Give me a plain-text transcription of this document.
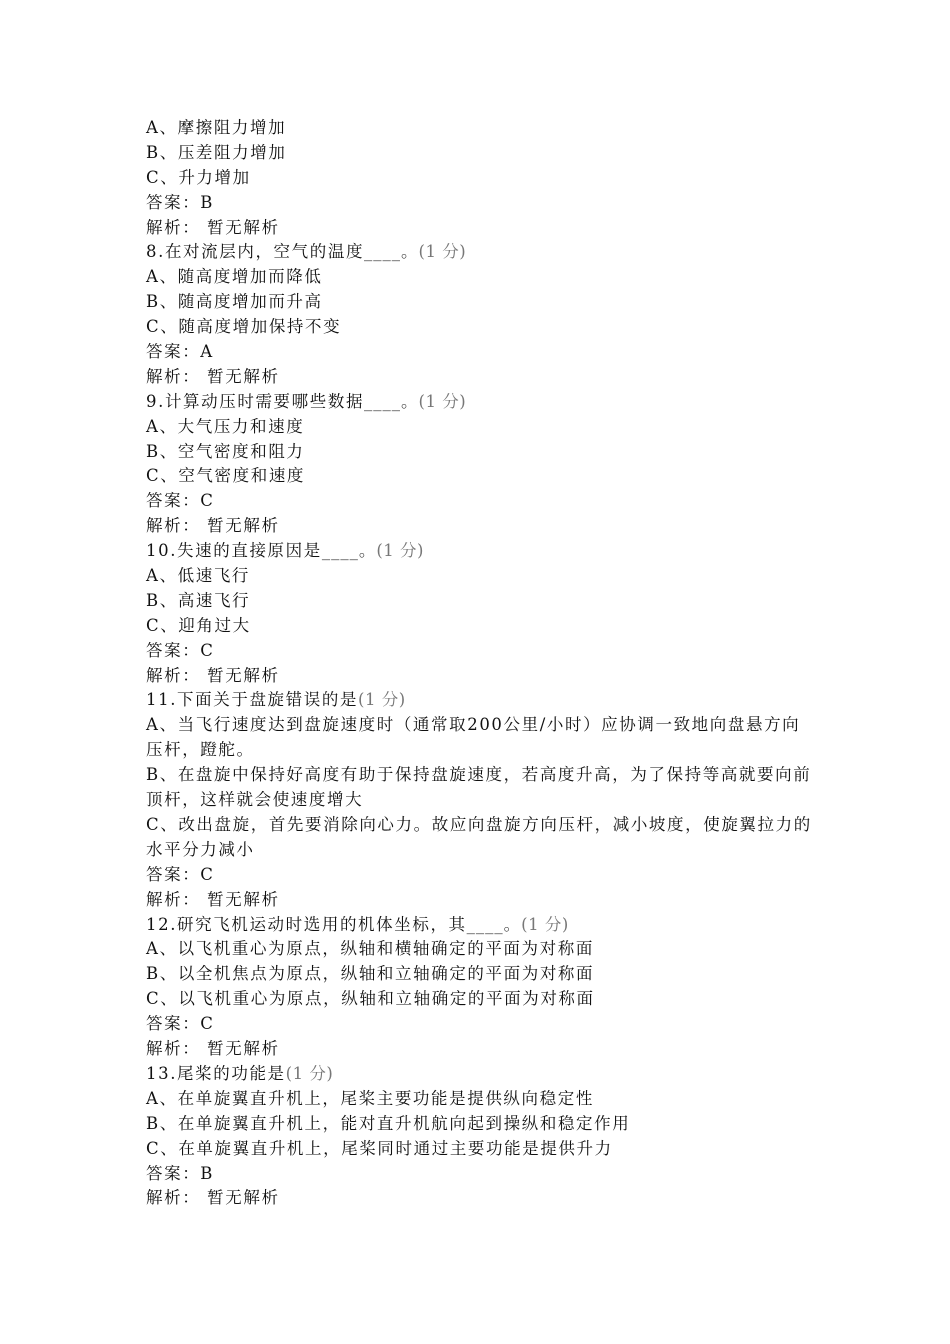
A、摩擦阻力增加
B、压差阻力增加
C、升力增加
答案：B
解析： 暂无解析
8.在对流层内，空气的温度____。(1 分)
A、随高度增加而降低
B、随高度增加而升高
C、随高度增加保持不变
答案：A
解析： 暂无解析
9.计算动压时需要哪些数据____。(1 分)
A、大气压力和速度
B、空气密度和阻力
C、空气密度和速度
答案：C
解析： 暂无解析
10.失速的直接原因是____。(1 分)
A、低速飞行
B、高速飞行
C、迎角过大
答案：C
解析： 暂无解析
11.下面关于盘旋错误的是(1 分)
A、当飞行速度达到盘旋速度时（通常取200公里/小时）应协调一致地向盘悬方向压杆，蹬舵。
B、在盘旋中保持好高度有助于保持盘旋速度，若高度升高，为了保持等高就要向前顶杆，这样就会使速度增大
C、改出盘旋，首先要消除向心力。故应向盘旋方向压杆，减小坡度，使旋翼拉力的水平分力减小
答案：C
解析： 暂无解析
12.研究飞机运动时选用的机体坐标，其____。(1 分)
A、以飞机重心为原点，纵轴和横轴确定的平面为对称面
B、以全机焦点为原点，纵轴和立轴确定的平面为对称面
C、以飞机重心为原点，纵轴和立轴确定的平面为对称面
答案：C
解析： 暂无解析
13.尾桨的功能是(1 分)
A、在单旋翼直升机上，尾桨主要功能是提供纵向稳定性
B、在单旋翼直升机上，能对直升机航向起到操纵和稳定作用
C、在单旋翼直升机上，尾桨同时通过主要功能是提供升力
答案：B
解析： 暂无解析
